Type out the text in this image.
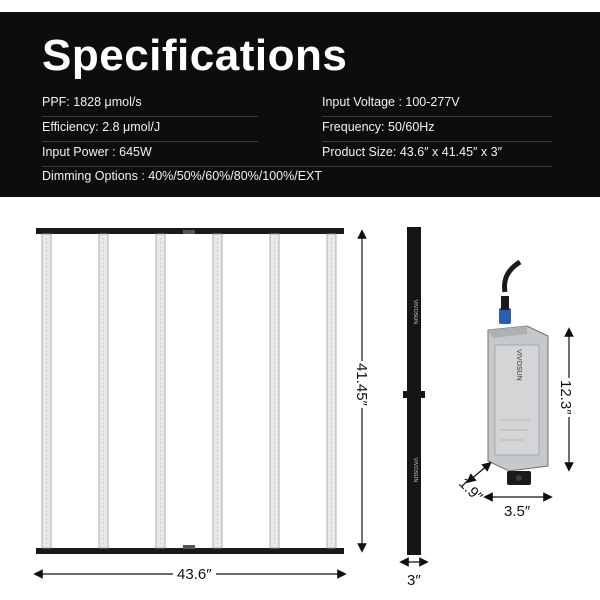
Specifications
PPF: 1828 μmol/s
Efficiency: 2.8 μmol/J
Input Power : 645W
Dimming Options : 40%/50%/60%/80%/100%/EXT
Input Voltage : 100-277V
Frequency: 50/60Hz
Product Size: 43.6″ x 41.45″ x 3″
VIVOSUN
VIVOSUN
VIVOSUN
43.6″
41.45″
3″
12.3″
3.5″
1.9″
